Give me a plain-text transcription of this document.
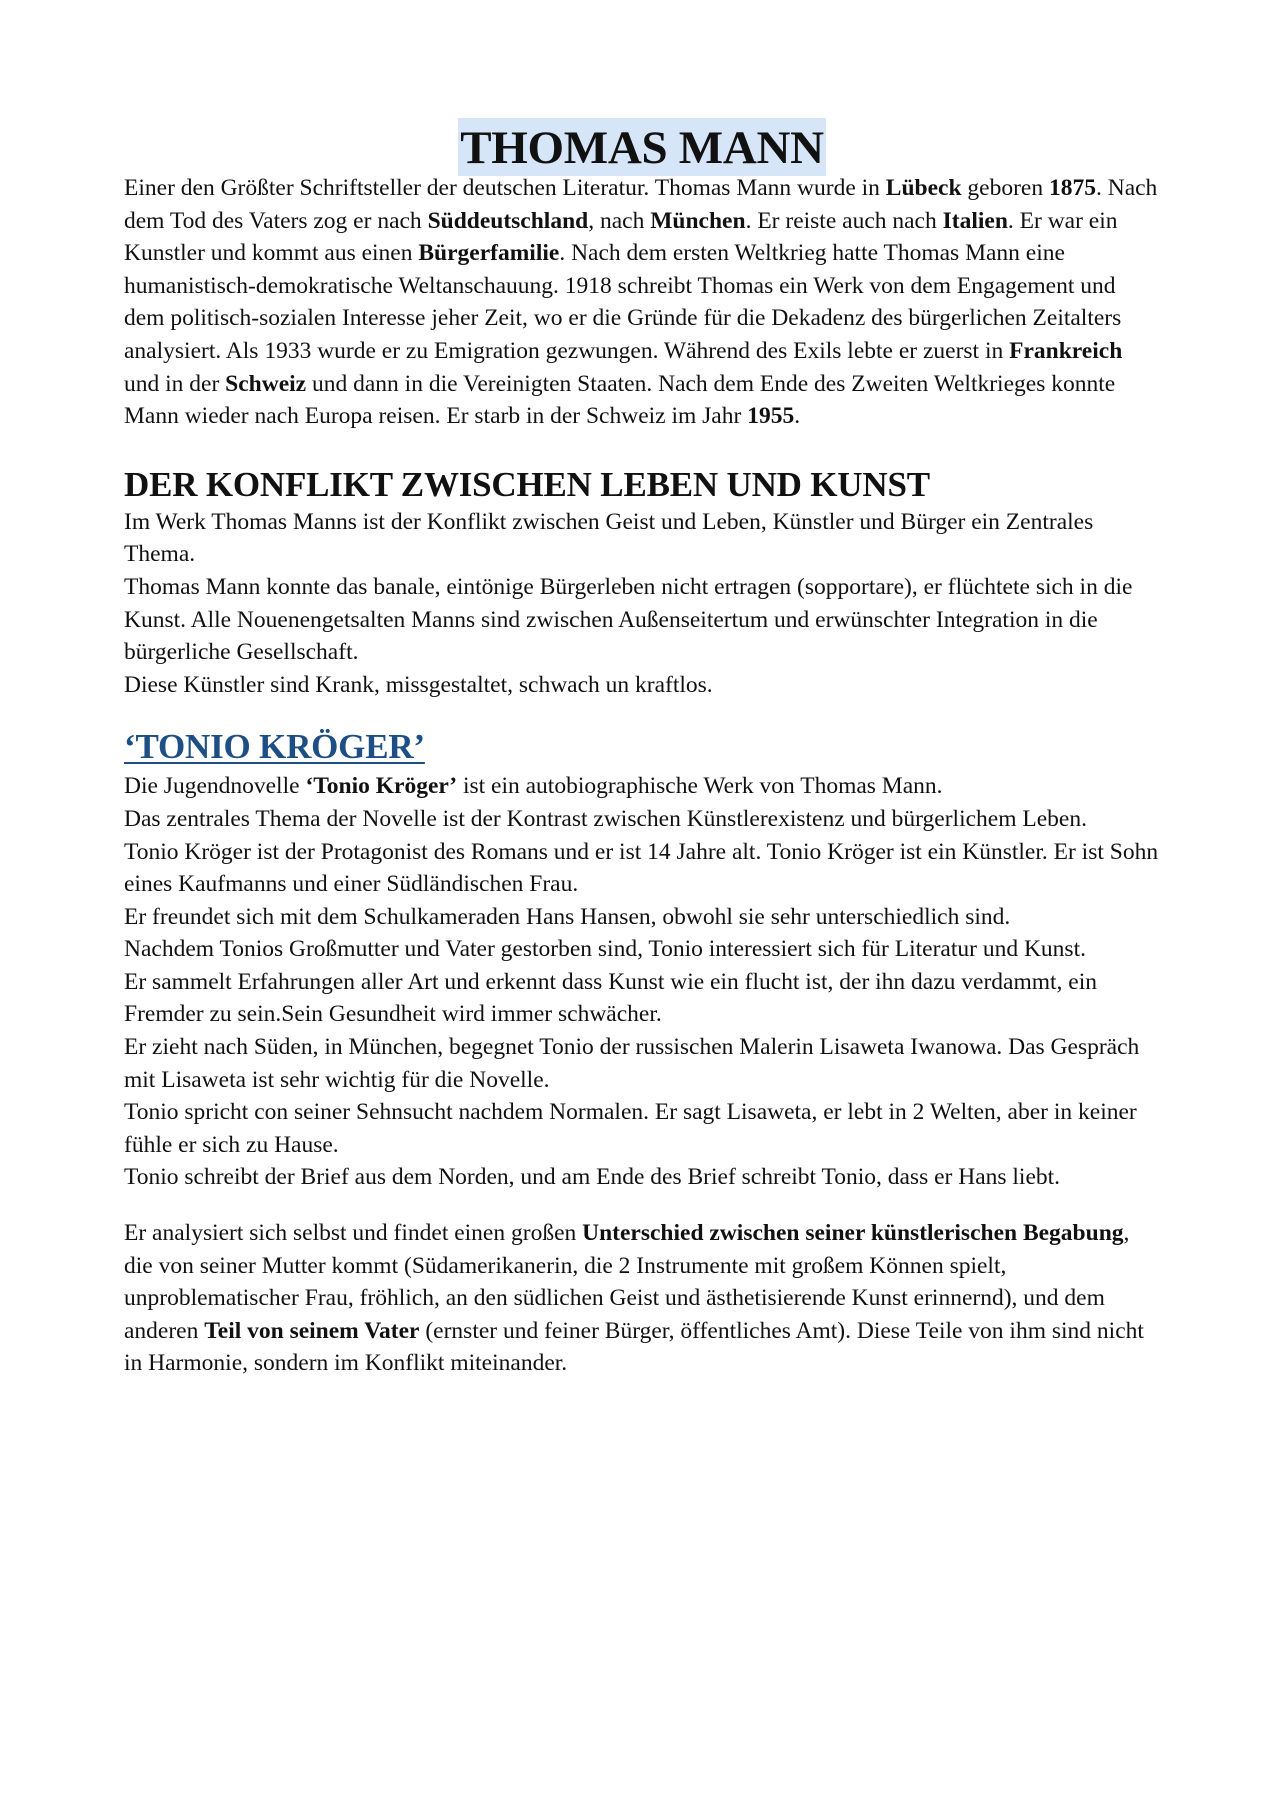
THOMAS MANN

Einer den Größter Schriftsteller der deutschen Literatur. Thomas Mann wurde in Lübeck geboren 1875. Nach dem Tod des Vaters zog er nach Süddeutschland, nach München. Er reiste auch nach Italien. Er war ein Kunstler und kommt aus einen Bürgerfamilie. Nach dem ersten Weltkrieg hatte Thomas Mann eine humanistisch-demokratische Weltanschauung. 1918 schreibt Thomas ein Werk von dem Engagement und dem politisch-sozialen Interesse jeher Zeit, wo er die Gründe für die Dekadenz des bürgerlichen Zeitalters analysiert. Als 1933 wurde er zu Emigration gezwungen. Während des Exils lebte er zuerst in Frankreich und in der Schweiz und dann in die Vereinigten Staaten. Nach dem Ende des Zweiten Weltkrieges konnte Mann wieder nach Europa reisen. Er starb in der Schweiz im Jahr 1955.

DER KONFLIKT ZWISCHEN LEBEN UND KUNST

Im Werk Thomas Manns ist der Konflikt zwischen Geist und Leben, Künstler und Bürger ein Zentrales Thema.

Thomas Mann konnte das banale, eintönige Bürgerleben nicht ertragen (sopportare), er flüchtete sich in die Kunst. Alle Nouenengetsalten Manns sind zwischen Außenseitertum und erwünschter Integration in die bürgerliche Gesellschaft.

Diese Künstler sind Krank, missgestaltet, schwach un kraftlos.

‘TONIO KRÖGER’

Die Jugendnovelle ‘Tonio Kröger’ ist ein autobiographische Werk von Thomas Mann.

Das zentrales Thema der Novelle ist der Kontrast zwischen Künstlerexistenz und bürgerlichem Leben.

Tonio Kröger ist der Protagonist des Romans und er ist 14 Jahre alt. Tonio Kröger ist ein Künstler. Er ist Sohn eines Kaufmanns und einer Südländischen Frau.

Er freundet sich mit dem Schulkameraden Hans Hansen, obwohl sie sehr unterschiedlich sind.

Nachdem Tonios Großmutter und Vater gestorben sind, Tonio interessiert sich für Literatur und Kunst.

Er sammelt Erfahrungen aller Art und erkennt dass Kunst wie ein flucht ist, der ihn dazu verdammt, ein Fremder zu sein.Sein Gesundheit wird immer schwächer.

Er zieht nach Süden, in München, begegnet Tonio der russischen Malerin Lisaweta Iwanowa. Das Gespräch mit Lisaweta ist sehr wichtig für die Novelle.

Tonio spricht con seiner Sehnsucht nachdem Normalen. Er sagt Lisaweta, er lebt in 2 Welten, aber in keiner fühle er sich zu Hause.

Tonio schreibt der Brief aus dem Norden, und am Ende des Brief schreibt Tonio, dass er Hans liebt.

Er analysiert sich selbst und findet einen großen Unterschied zwischen seiner künstlerischen Begabung, die von seiner Mutter kommt (Südamerikanerin, die 2 Instrumente mit großem Können spielt, unproblematischer Frau, fröhlich, an den südlichen Geist und ästhetisierende Kunst erinnernd), und dem anderen Teil von seinem Vater (ernster und feiner Bürger, öffentliches Amt). Diese Teile von ihm sind nicht in Harmonie, sondern im Konflikt miteinander.
